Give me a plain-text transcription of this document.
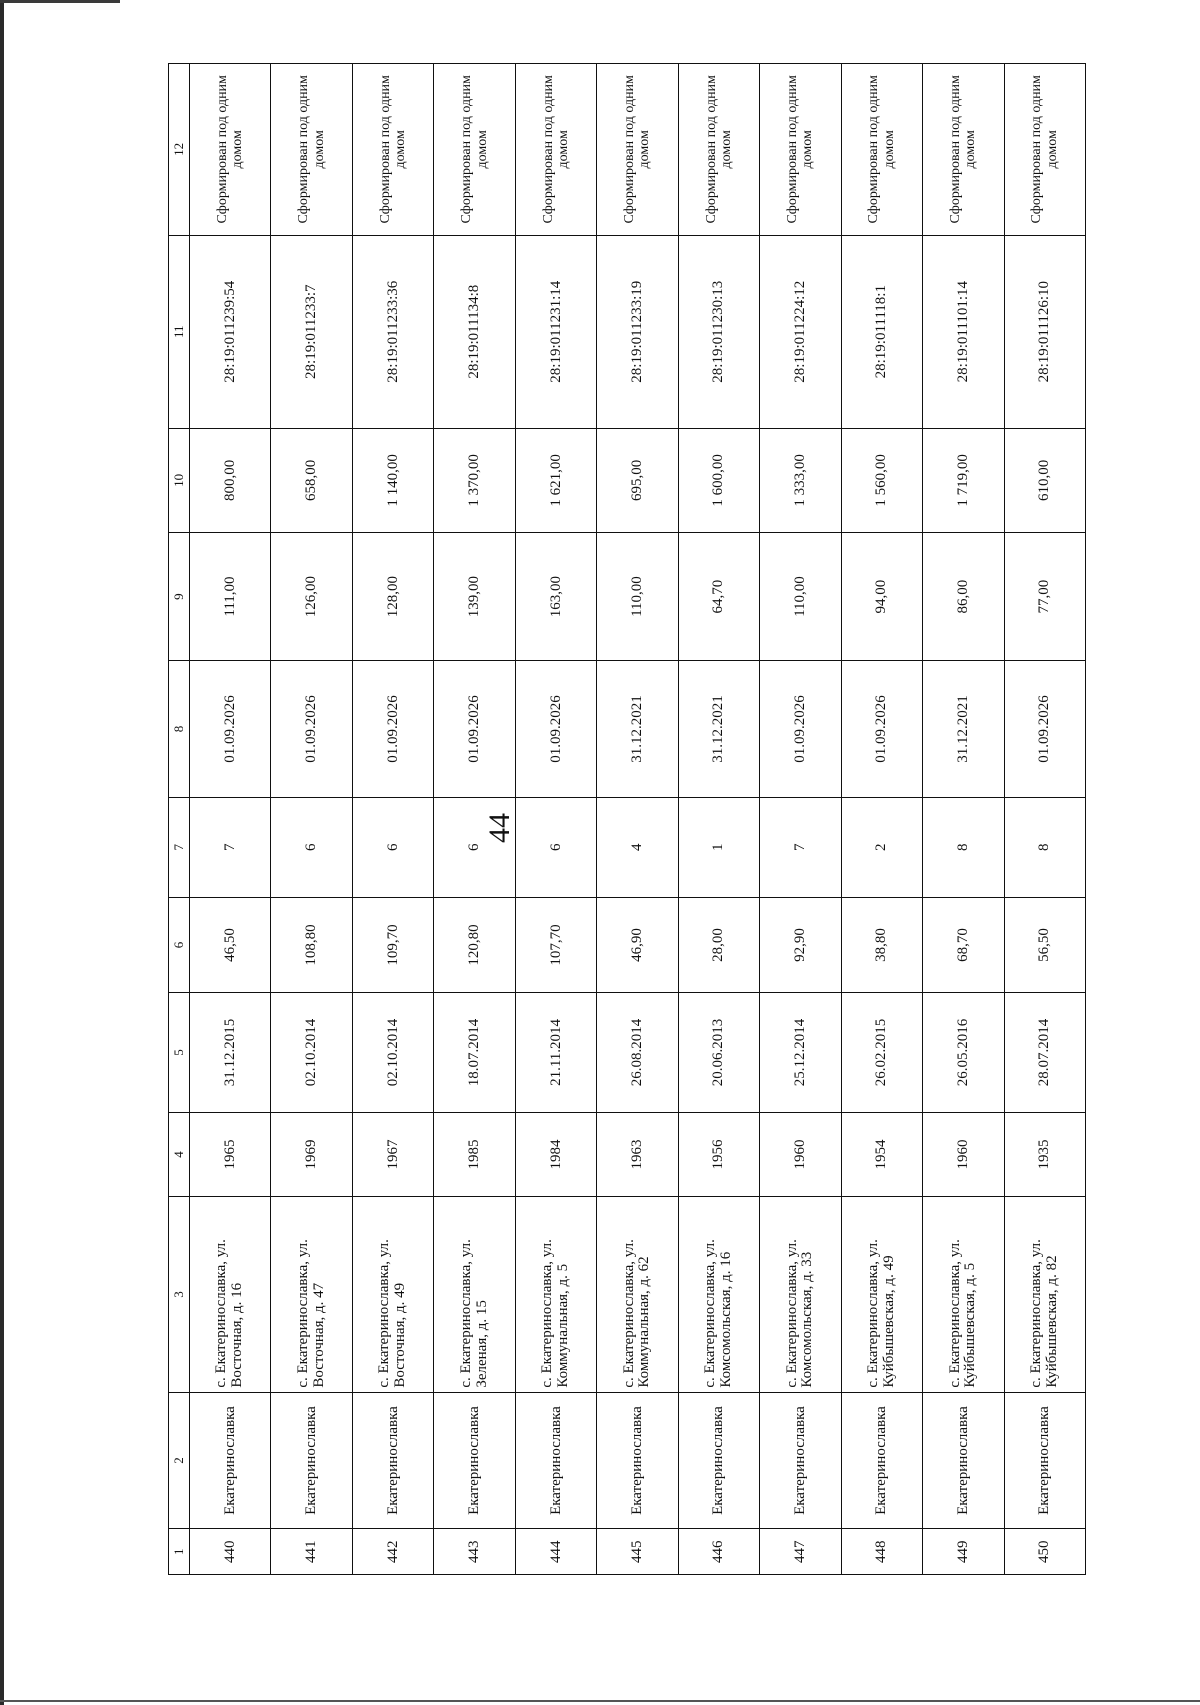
44
1	2	3	4	5	6	7	8	9	10	11	12
440	Екатеринославка	с. Екатеринославка, ул. Восточная, д. 16	1965	31.12.2015	46,50	7	01.09.2026	111,00	800,00	28:19:011239:54	Сформирован под одним домом
441	Екатеринославка	с. Екатеринославка, ул. Восточная, д. 47	1969	02.10.2014	108,80	6	01.09.2026	126,00	658,00	28:19:011233:7	Сформирован под одним домом
442	Екатеринославка	с. Екатеринославка, ул. Восточная, д. 49	1967	02.10.2014	109,70	6	01.09.2026	128,00	1 140,00	28:19:011233:36	Сформирован под одним домом
443	Екатеринославка	с. Екатеринославка, ул. Зеленая, д. 15	1985	18.07.2014	120,80	6	01.09.2026	139,00	1 370,00	28:19:011134:8	Сформирован под одним домом
444	Екатеринославка	с. Екатеринославка, ул. Коммунальная, д. 5	1984	21.11.2014	107,70	6	01.09.2026	163,00	1 621,00	28:19:011231:14	Сформирован под одним домом
445	Екатеринославка	с. Екатеринославка, ул. Коммунальная, д. 62	1963	26.08.2014	46,90	4	31.12.2021	110,00	695,00	28:19:011233:19	Сформирован под одним домом
446	Екатеринославка	с. Екатеринославка, ул. Комсомольская, д. 16	1956	20.06.2013	28,00	1	31.12.2021	64,70	1 600,00	28:19:011230:13	Сформирован под одним домом
447	Екатеринославка	с. Екатеринославка, ул. Комсомольская, д. 33	1960	25.12.2014	92,90	7	01.09.2026	110,00	1 333,00	28:19:011224:12	Сформирован под одним домом
448	Екатеринославка	с. Екатеринославка, ул. Куйбышевская, д. 49	1954	26.02.2015	38,80	2	01.09.2026	94,00	1 560,00	28:19:011118:1	Сформирован под одним домом
449	Екатеринославка	с. Екатеринославка, ул. Куйбышевская, д. 5	1960	26.05.2016	68,70	8	31.12.2021	86,00	1 719,00	28:19:011101:14	Сформирован под одним домом
450	Екатеринославка	с. Екатеринославка, ул. Куйбышевская, д. 82	1935	28.07.2014	56,50	8	01.09.2026	77,00	610,00	28:19:011126:10	Сформирован под одним домом
